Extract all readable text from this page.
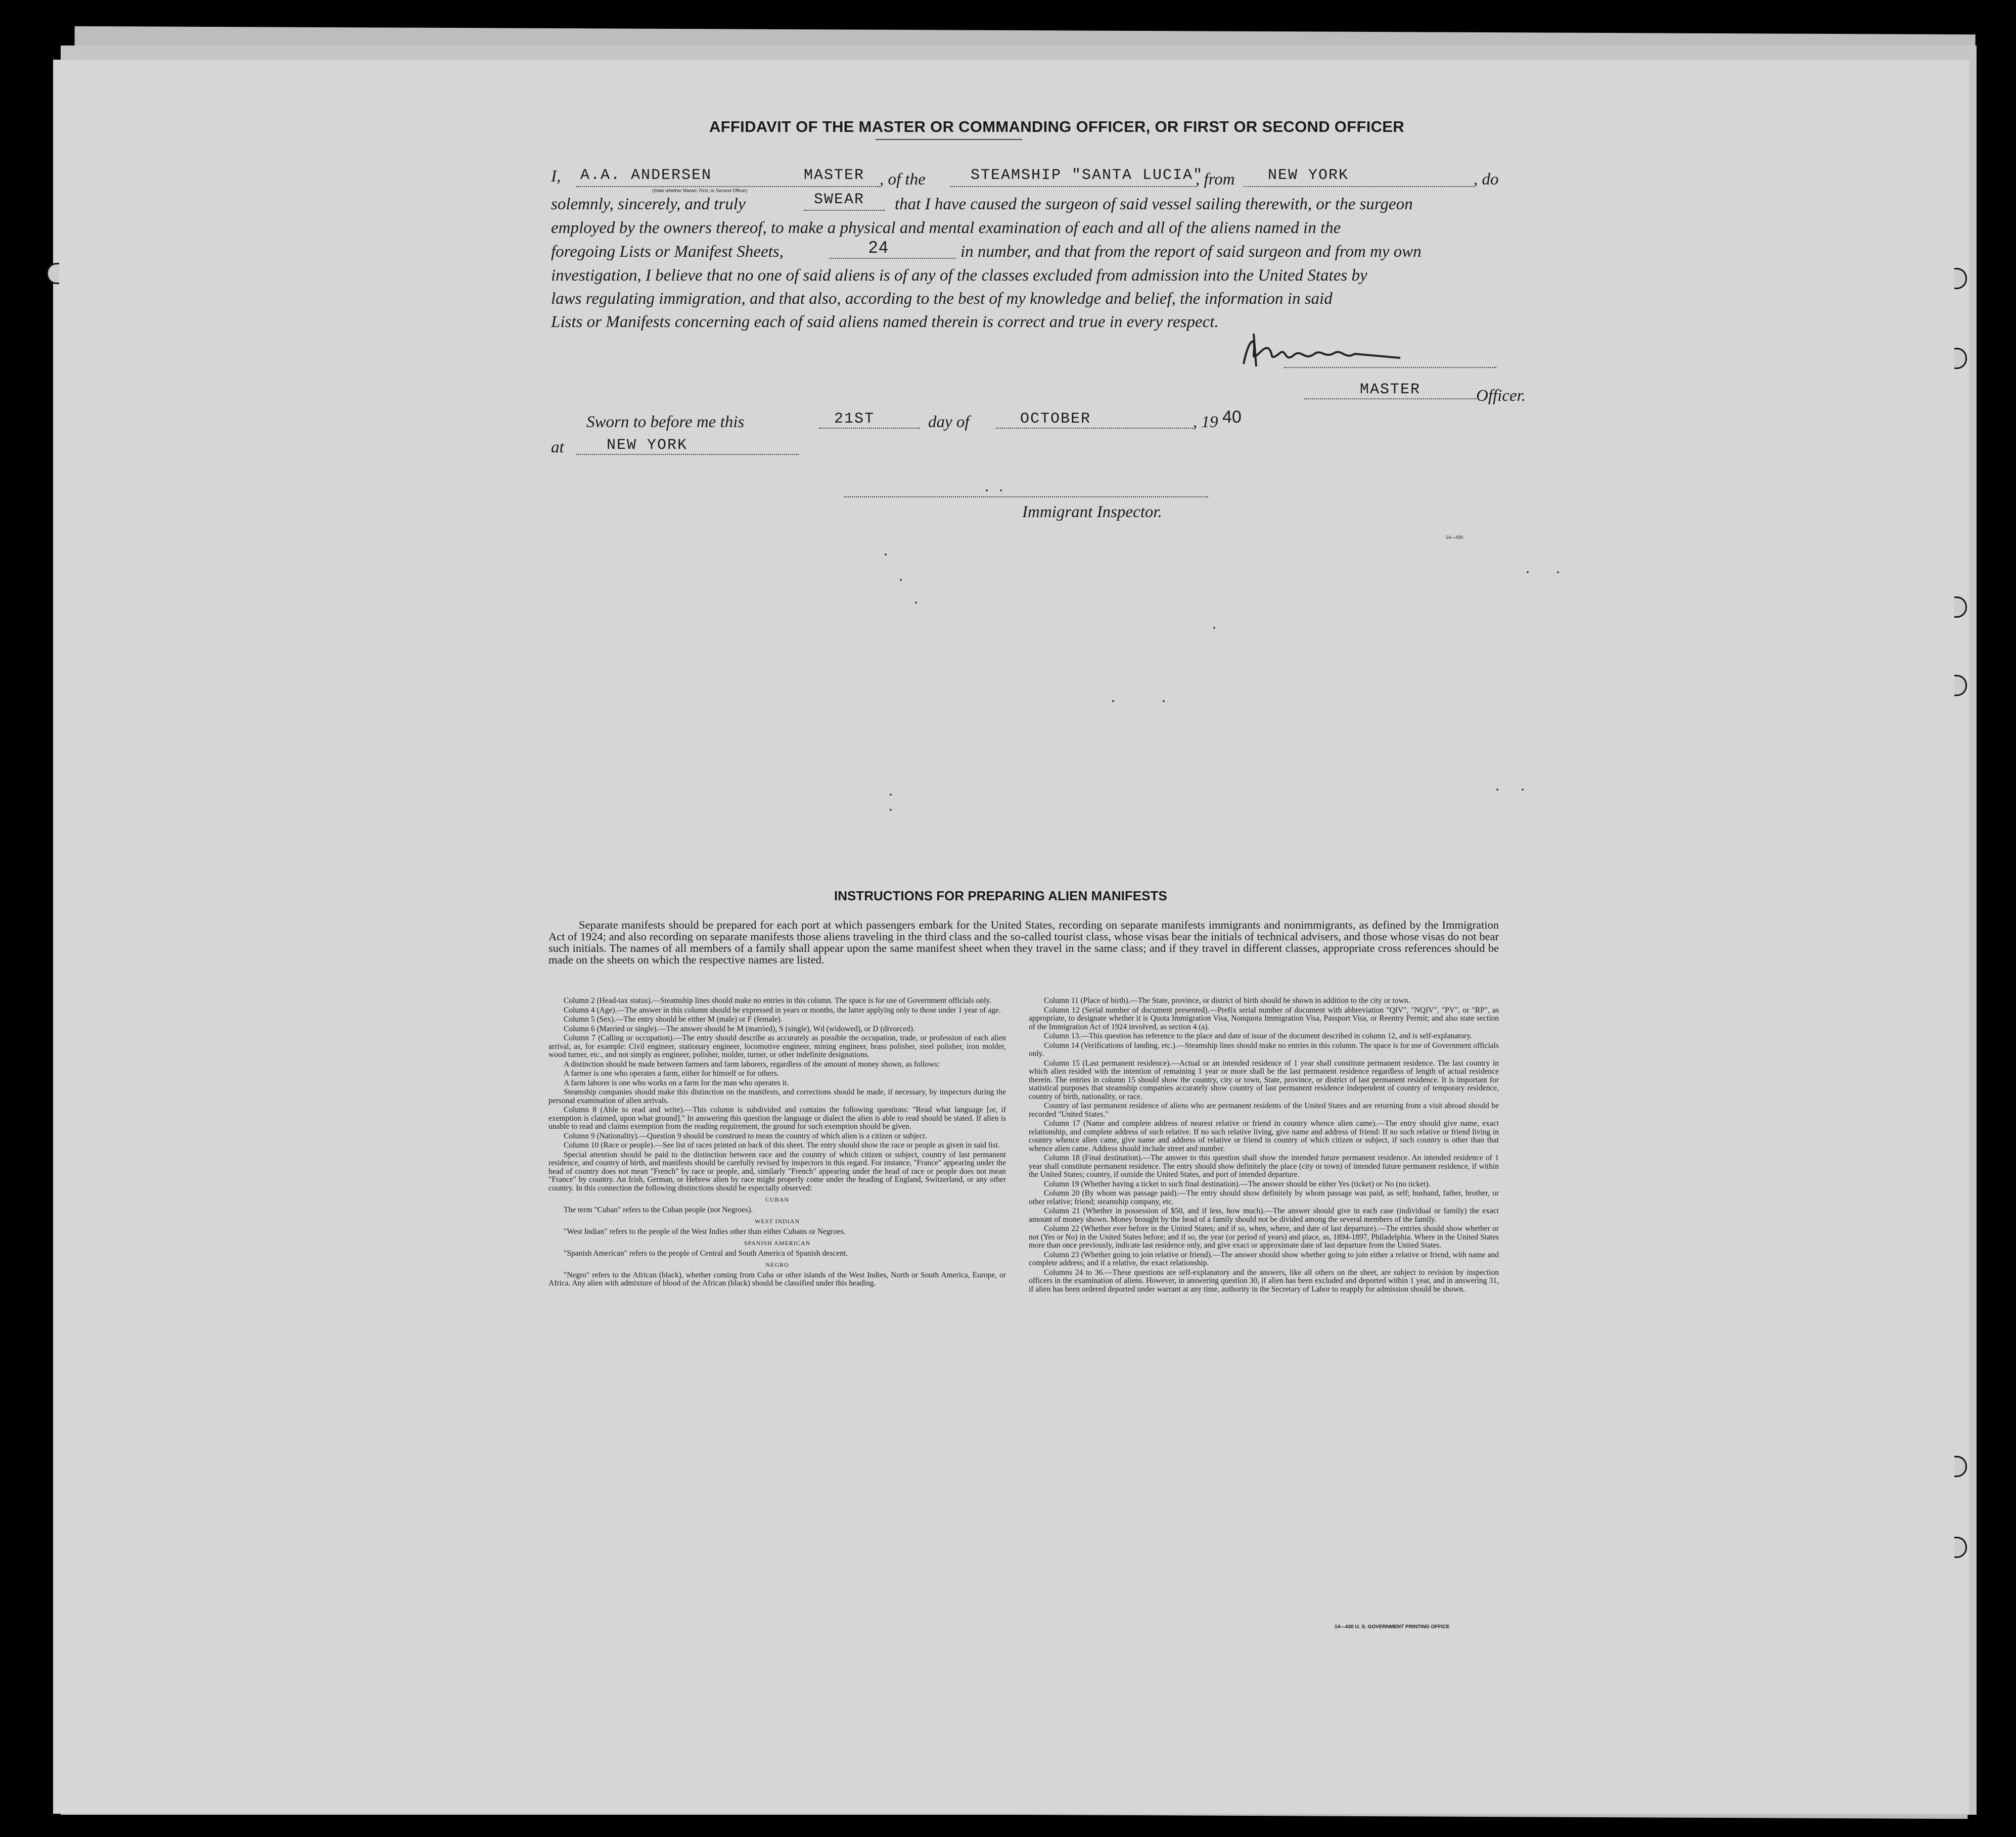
AFFIDAVIT OF THE MASTER OR COMMANDING OFFICER, OR FIRST OR SECOND OFFICER
I, A.A. ANDERSEN	MASTER
(State whether Master, First, or Second Officer)
, of the	STEAMSHIP "SANTA LUCIA"
, from NEW YORK	, do
solemnly, sincerely, and truly	SWEAR that I have caused the surgeon of said vessel sailing therewith, or the surgeon
employed by the owners thereof, to make a physical and mental examination of each and all of the aliens named in the
foregoing Lists or Manifest Sheets,	24	in number, and that from the report of said surgeon and from my own
investigation, I believe that no one of said aliens is of any of the classes excluded from admission into the United States by
laws regulating immigration, and that also, according to the best of my knowledge and belief, the information in said
Lists or Manifests concerning each of said aliens named therein is correct and true in every respect.
MASTER	Officer.
Sworn to before me this	21ST	day of	OCTOBER	, 19 40
at	NEW YORK
Immigrant Inspector.
14—430
INSTRUCTIONS FOR PREPARING ALIEN MANIFESTS
Separate manifests should be prepared for each port at which passengers embark for the United States, recording on separate manifests immigrants and nonimmigrants, as defined by the Immigration Act of 1924; and also recording on separate manifests those aliens traveling in the third class and the so-called tourist class, whose visas bear the initials of technical advisers, and those whose visas do not bear such initials. The names of all members of a family shall appear upon the same manifest sheet when they travel in the same class; and if they travel in different classes, appropriate cross references should be made on the sheets on which the respective names are listed.

Column 2 (Head-tax status).—Steamship lines should make no entries in this column. The space is for use of Government officials only.

Column 4 (Age).—The answer in this column should be expressed in years or months, the latter applying only to those under 1 year of age.

Column 5 (Sex).—The entry should be either M (male) or F (female).

Column 6 (Married or single).—The answer should be M (married), S (single), Wd (widowed), or D (divorced).

Column 7 (Calling or occupation).—The entry should describe as accurately as possible the occupation, trade, or profession of each alien arrival, as, for example: Civil engineer, stationary engineer, locomotive engineer, mining engineer, brass polisher, steel polisher, iron molder, wood turner, etc., and not simply as engineer, polisher, molder, turner, or other indefinite designations.

A distinction should be made between farmers and farm laborers, regardless of the amount of money shown, as follows:

A farmer is one who operates a farm, either for himself or for others.

A farm laborer is one who works on a farm for the man who operates it.

Steamship companies should make this distinction on the manifests, and corrections should be made, if necessary, by inspectors during the personal examination of alien arrivals.

Column 8 (Able to read and write).—This column is subdivided and contains the following questions: "Read what language [or, if exemption is claimed, upon what ground]." In answering this question the language or dialect the alien is able to read should be stated. If alien is unable to read and claims exemption from the reading requirement, the ground for such exemption should be given.

Column 9 (Nationality).—Question 9 should be construed to mean the country of which alien is a citizen or subject.

Column 10 (Race or people).—See list of races printed on back of this sheet. The entry should show the race or people as given in said list.

Special attention should be paid to the distinction between race and the country of which citizen or subject, country of last permanent residence, and country of birth, and manifests should be carefully revised by inspectors in this regard. For instance, "France" appearing under the head of country does not mean "French" by race or people, and, similarly "French" appearing under the head of race or people does not mean "France" by country. An Irish, German, or Hebrew alien by race might properly come under the heading of England, Switzerland, or any other country. In this connection the following distinctions should be especially observed:

CUBAN

The term "Cuban" refers to the Cuban people (not Negroes).

WEST INDIAN

"West Indian" refers to the people of the West Indies other than either Cubans or Negroes.

SPANISH AMERICAN

"Spanish American" refers to the people of Central and South America of Spanish descent.

NEGRO

"Negro" refers to the African (black), whether coming from Cuba or other islands of the West Indies, North or South America, Europe, or Africa. Any alien with admixture of blood of the African (black) should be classified under this heading.

Column 11 (Place of birth).—The State, province, or district of birth should be shown in addition to the city or town.

Column 12 (Serial number of document presented).—Prefix serial number of document with abbreviation "QIV", "NQIV", "PV", or "RP", as appropriate, to designate whether it is Quota Immigration Visa, Nonquota Immigration Visa, Passport Visa, or Reentry Permit; and also state section of the Immigration Act of 1924 involved, as section 4 (a).

Column 13.—This question has reference to the place and date of issue of the document described in column 12, and is self-explanatory.

Column 14 (Verifications of landing, etc.).—Steamship lines should make no entries in this column. The space is for use of Government officials only.

Column 15 (Last permanent residence).—Actual or an intended residence of 1 year shall constitute permanent residence. The last country in which alien resided with the intention of remaining 1 year or more shall be the last permanent residence regardless of length of actual residence therein. The entries in column 15 should show the country, city or town, State, province, or district of last permanent residence. It is important for statistical purposes that steamship companies accurately show country of last permanent residence independent of country of temporary residence, country of birth, nationality, or race.

Country of last permanent residence of aliens who are permanent residents of the United States and are returning from a visit abroad should be recorded "United States."

Column 17 (Name and complete address of nearest relative or friend in country whence alien came).—The entry should give name, exact relationship, and complete address of such relative. If no such relative living, give name and address of friend: If no such relative or friend living in country whence alien came, give name and address of relative or friend in country of which citizen or subject, if such country is other than that whence alien came. Address should include street and number.

Column 18 (Final destination).—The answer to this question shall show the intended future permanent residence. An intended residence of 1 year shall constitute permanent residence. The entry should show definitely the place (city or town) of intended future permanent residence, if within the United States; country, if outside the United States, and port of intended departure.

Column 19 (Whether having a ticket to such final destination).—The answer should be either Yes (ticket) or No (no ticket).

Column 20 (By whom was passage paid).—The entry should show definitely by whom passage was paid, as self; husband, father, brother, or other relative; friend; steamship company, etc.

Column 21 (Whether in possession of $50, and if less, how much).—The answer should give in each case (individual or family) the exact amount of money shown. Money brought by the head of a family should not be divided among the several members of the family.

Column 22 (Whether ever before in the United States; and if so, when, where, and date of last departure).—The entries should show whether or not (Yes or No) in the United States before; and if so, the year (or period of years) and place, as, 1894-1897, Philadelphia. Where in the United States more than once previously, indicate last residence only, and give exact or approximate date of last departure from the United States.

Column 23 (Whether going to join relative or friend).—The answer should show whether going to join either a relative or friend, with name and complete address; and if a relative, the exact relationship.

Columns 24 to 36.—These questions are self-explanatory and the answers, like all others on the sheet, are subject to revision by inspection officers in the examination of aliens. However, in answering question 30, if alien has been excluded and deported within 1 year, and in answering 31, if alien has been ordered deported under warrant at any time, authority in the Secretary of Labor to reapply for admission should be shown.

14—430 U. S. GOVERNMENT PRINTING OFFICE
